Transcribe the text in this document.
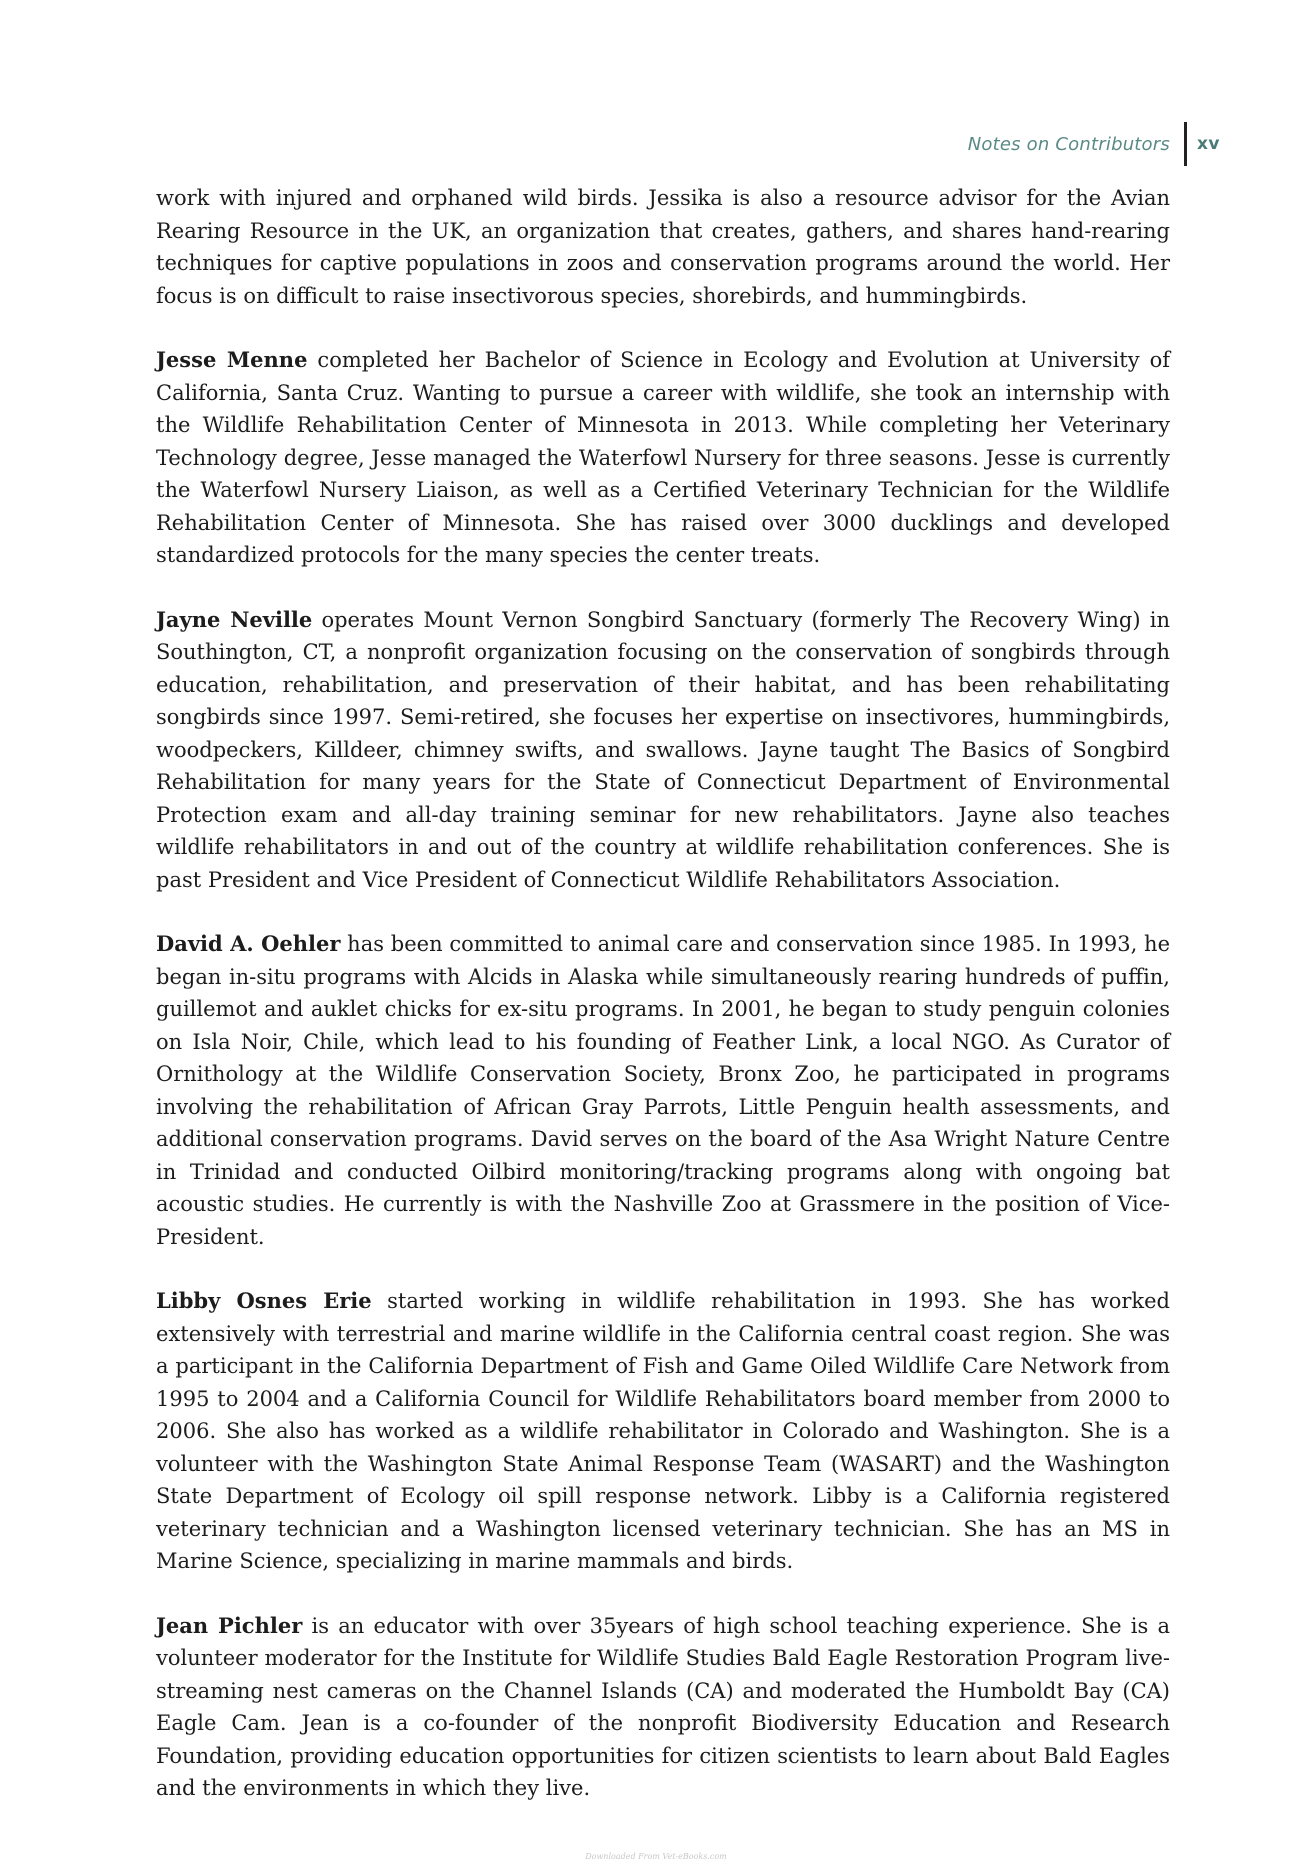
Notes on Contributors xv

work with injured and orphaned wild birds. Jessika is also a resource advisor for the Avian Rearing Resource in the UK, an organization that creates, gathers, and shares hand-rearing techniques for captive populations in zoos and conservation programs around the world. Her focus is on difficult to raise insectivorous species, shorebirds, and hummingbirds.

Jesse Menne completed her Bachelor of Science in Ecology and Evolution at University of California, Santa Cruz. Wanting to pursue a career with wildlife, she took an internship with the Wildlife Rehabilitation Center of Minnesota in 2013. While completing her Veterinary Technology degree, Jesse managed the Waterfowl Nursery for three seasons. Jesse is currently the Waterfowl Nursery Liaison, as well as a Certified Veterinary Technician for the Wildlife Rehabilitation Center of Minnesota. She has raised over 3000 ducklings and developed standardized protocols for the many species the center treats.

Jayne Neville operates Mount Vernon Songbird Sanctuary (formerly The Recovery Wing) in Southington, CT, a nonprofit organization focusing on the conservation of songbirds through education, rehabilitation, and preservation of their habitat, and has been rehabilitating songbirds since 1997. Semi-retired, she focuses her expertise on insectivores, hummingbirds, woodpeckers, Killdeer, chimney swifts, and swallows. Jayne taught The Basics of Songbird Rehabilitation for many years for the State of Connecticut Department of Environmental Protection exam and all-day training seminar for new rehabilitators. Jayne also teaches wildlife rehabilitators in and out of the country at wildlife rehabilitation conferences. She is past President and Vice President of Connecticut Wildlife Rehabilitators Association.

David A. Oehler has been committed to animal care and conservation since 1985. In 1993, he began in-situ programs with Alcids in Alaska while simultaneously rearing hundreds of puffin, guillemot and auklet chicks for ex-situ programs. In 2001, he began to study penguin colonies on Isla Noir, Chile, which lead to his founding of Feather Link, a local NGO. As Curator of Ornithology at the Wildlife Conservation Society, Bronx Zoo, he participated in programs involving the rehabilitation of African Gray Parrots, Little Penguin health assessments, and additional conservation programs. David serves on the board of the Asa Wright Nature Centre in Trinidad and conducted Oilbird monitoring/tracking programs along with ongoing bat acoustic studies. He currently is with the Nashville Zoo at Grassmere in the position of Vice-President.

Libby Osnes Erie started working in wildlife rehabilitation in 1993. She has worked extensively with terrestrial and marine wildlife in the California central coast region. She was a participant in the California Department of Fish and Game Oiled Wildlife Care Network from 1995 to 2004 and a California Council for Wildlife Rehabilitators board member from 2000 to 2006. She also has worked as a wildlife rehabilitator in Colorado and Washington. She is a volunteer with the Washington State Animal Response Team (WASART) and the Washington State Department of Ecology oil spill response network. Libby is a California registered veterinary technician and a Washington licensed veterinary technician. She has an MS in Marine Science, specializing in marine mammals and birds.

Jean Pichler is an educator with over 35years of high school teaching experience. She is a volunteer moderator for the Institute for Wildlife Studies Bald Eagle Restoration Program live-streaming nest cameras on the Channel Islands (CA) and moderated the Humboldt Bay (CA) Eagle Cam. Jean is a co-founder of the nonprofit Biodiversity Education and Research Foundation, providing education opportunities for citizen scientists to learn about Bald Eagles and the environments in which they live.

Downloaded From Vet-eBooks.com
